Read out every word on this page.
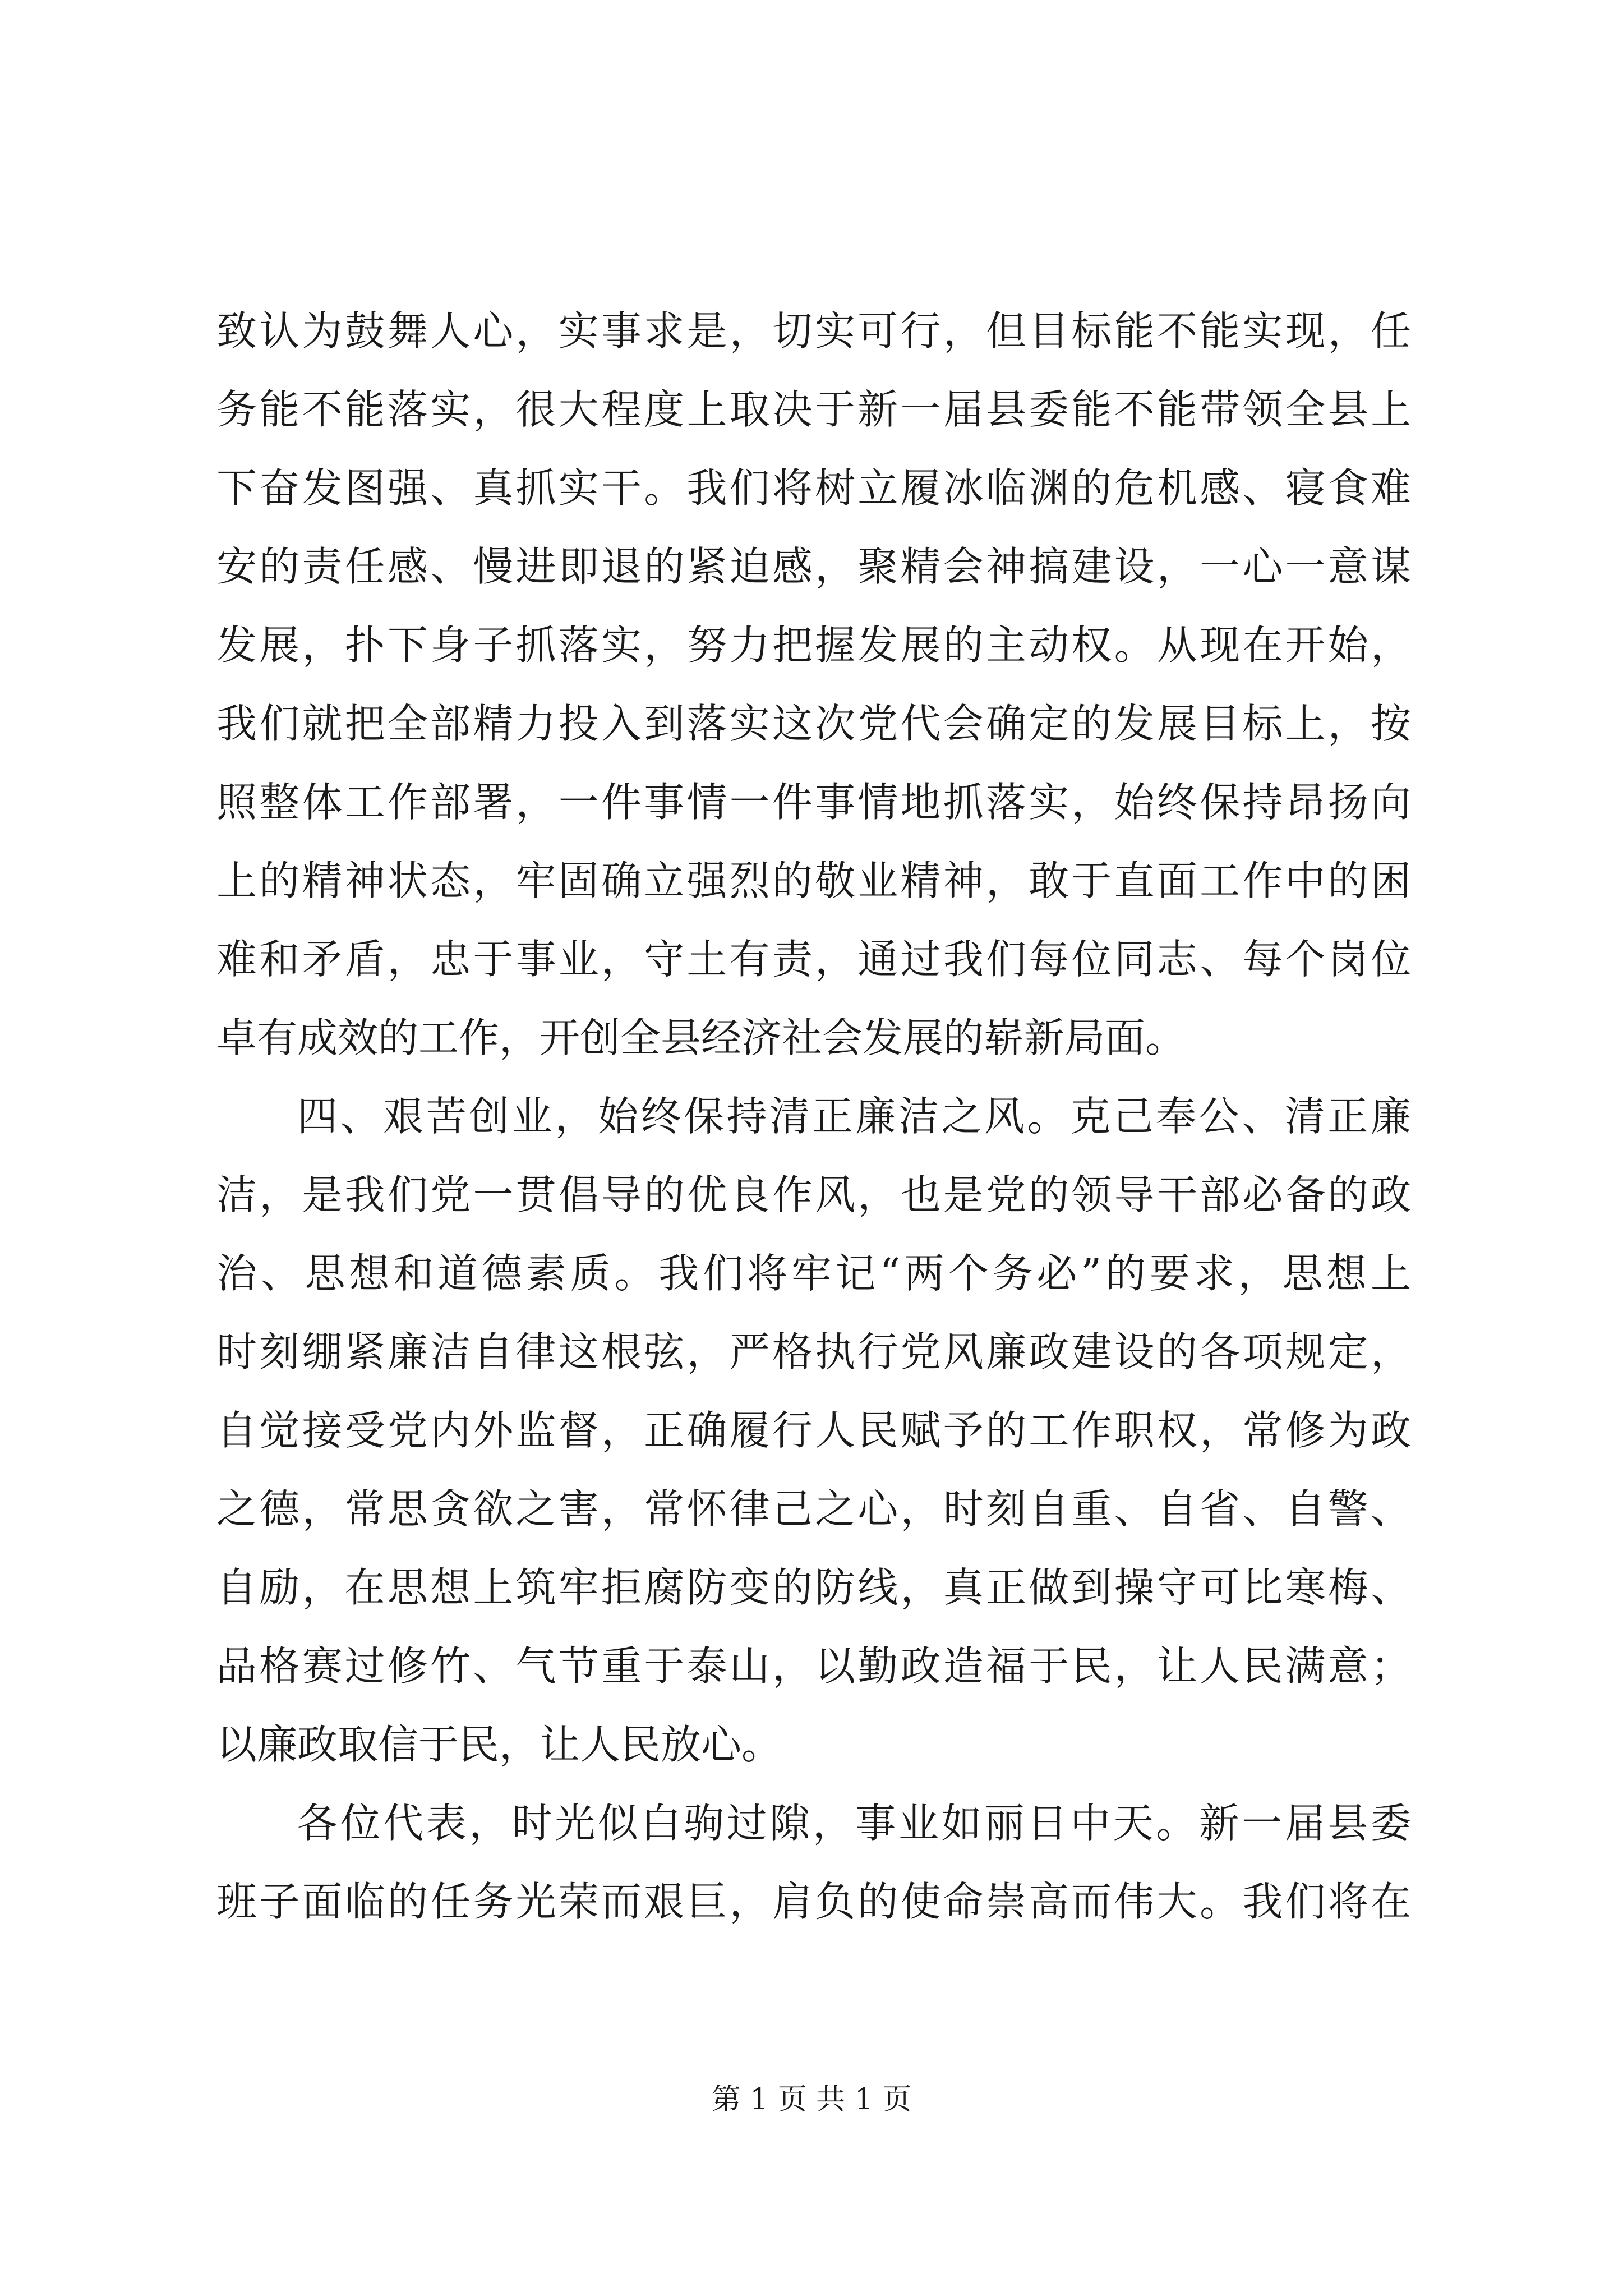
致认为鼓舞人心，实事求是，切实可行，但目标能不能实现，任
务能不能落实，很大程度上取决于新一届县委能不能带领全县上
下奋发图强、真抓实干。我们将树立履冰临渊的危机感、寝食难
安的责任感、慢进即退的紧迫感，聚精会神搞建设，一心一意谋
发展，扑下身子抓落实，努力把握发展的主动权。从现在开始，
我们就把全部精力投入到落实这次党代会确定的发展目标上，按
照整体工作部署，一件事情一件事情地抓落实，始终保持昂扬向
上的精神状态，牢固确立强烈的敬业精神，敢于直面工作中的困
难和矛盾，忠于事业，守土有责，通过我们每位同志、每个岗位
卓有成效的工作，开创全县经济社会发展的崭新局面。
四、艰苦创业，始终保持清正廉洁之风。克己奉公、清正廉
洁，是我们党一贯倡导的优良作风，也是党的领导干部必备的政
治、思想和道德素质。我们将牢记“两个务必”的要求，思想上
时刻绷紧廉洁自律这根弦，严格执行党风廉政建设的各项规定，
自觉接受党内外监督，正确履行人民赋予的工作职权，常修为政
之德，常思贪欲之害，常怀律己之心，时刻自重、自省、自警、
自励，在思想上筑牢拒腐防变的防线，真正做到操守可比寒梅、
品格赛过修竹、气节重于泰山，以勤政造福于民，让人民满意；
以廉政取信于民，让人民放心。
各位代表，时光似白驹过隙，事业如丽日中天。新一届县委
班子面临的任务光荣而艰巨，肩负的使命崇高而伟大。我们将在
第 1 页 共 1 页
